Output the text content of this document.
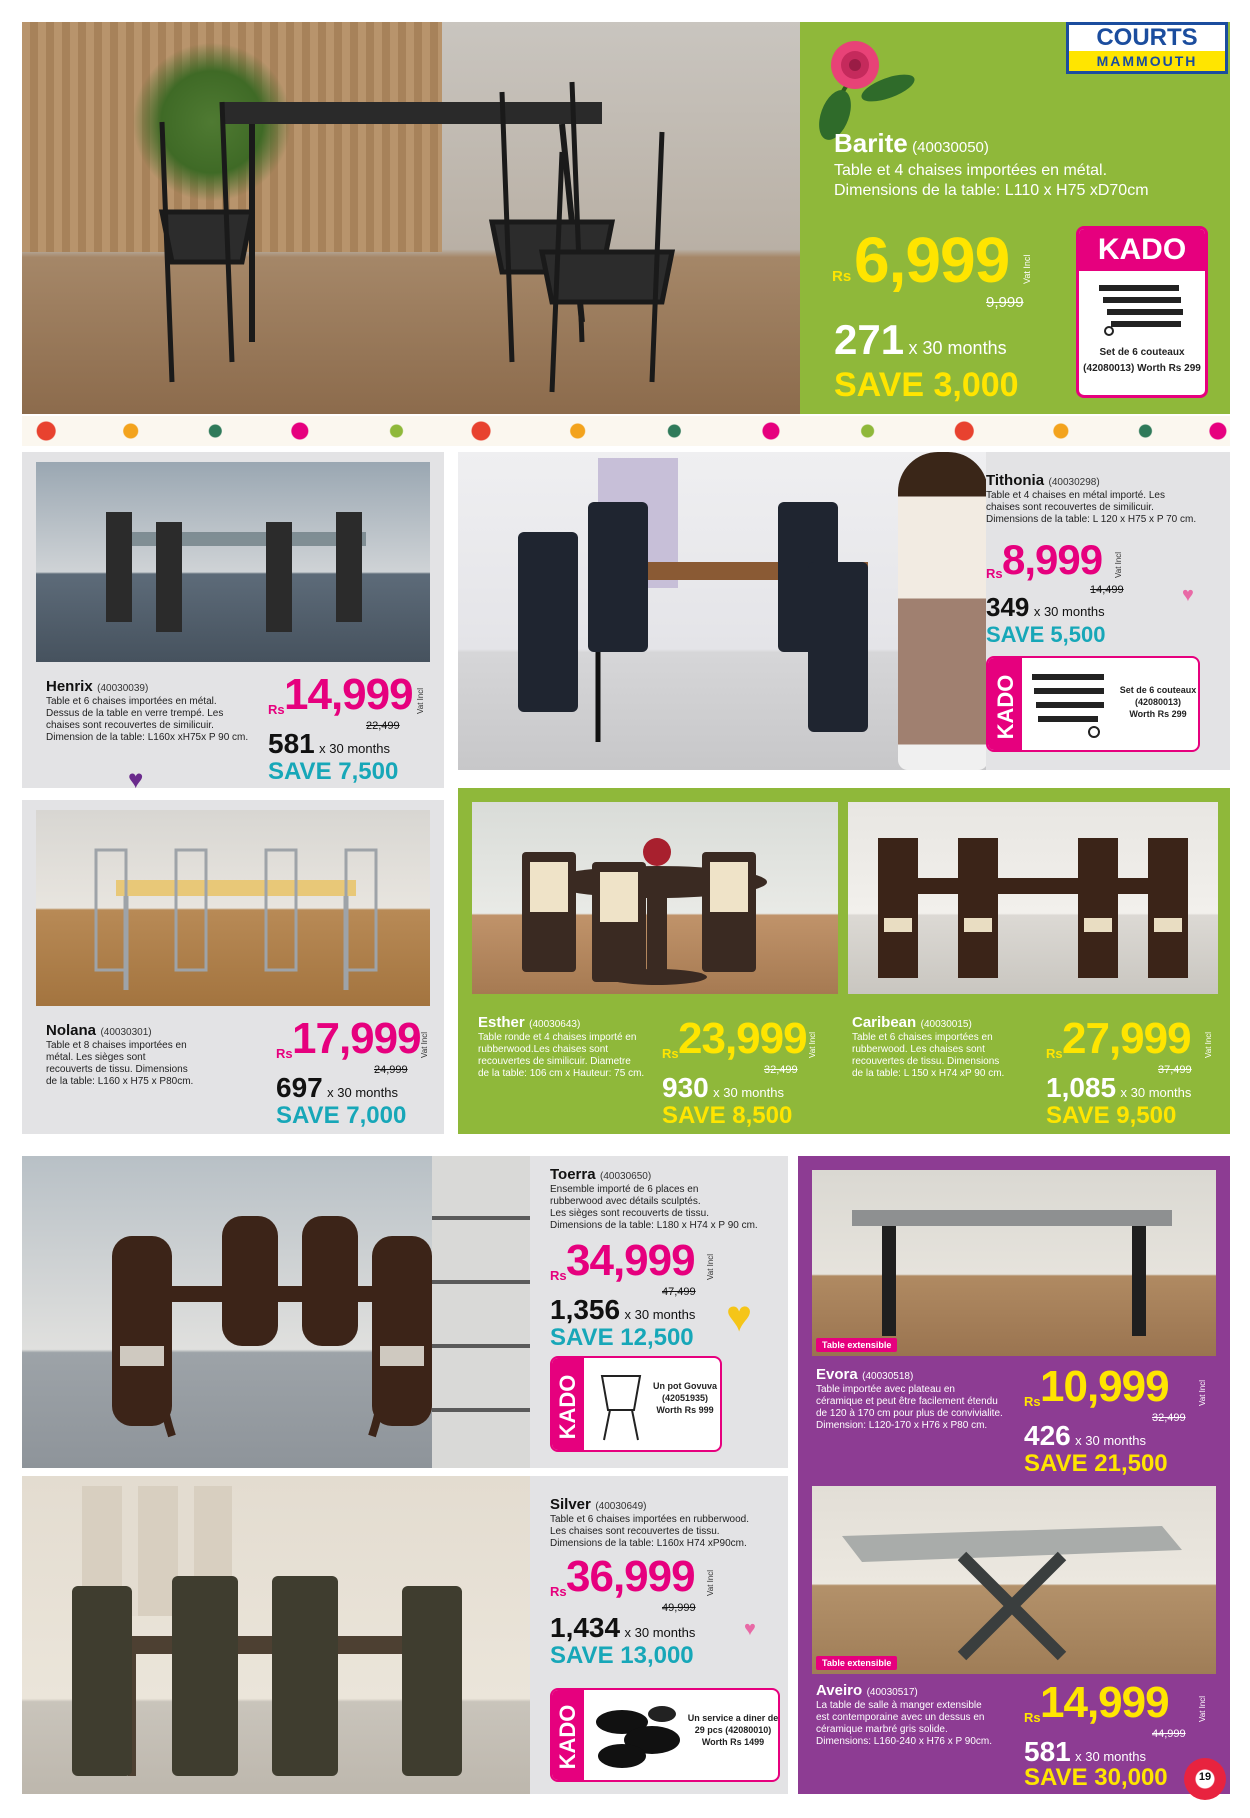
COURTS
MAMMOUTH
Barite (40030050)
Table et 4 chaises importées en métal.
Dimensions de la table: L110 x H75 xD70cm
Rs 6,999 Vat Incl
9,999
271 x 30 months
SAVE 3,000
KADO
Set de 6 couteaux
(42080013) Worth Rs 299
Henrix (40030039)
Table et 6 chaises importées en métal.
Dessus de la table en verre trempé. Les
chaises sont recouvertes de similicuir.
Dimension de la table: L160x xH75x P 90 cm.
Rs 14,999 Vat Incl
22,499
581 x 30 months
SAVE 7,500
♥
Tithonia (40030298)
Table et 4 chaises en métal importé. Les
chaises sont recouvertes de similicuir.
Dimensions de la table: L 120 x H75 x P 70 cm.
Rs 8,999 Vat Incl
14,499
349 x 30 months
SAVE 5,500
♥
KADO	Set de 6 couteaux
(42080013)
Worth Rs 299
Nolana (40030301)
Table et 8 chaises importées en
métal. Les sièges sont
recouverts de tissu. Dimensions
de la table: L160 x H75 x P80cm.
Rs 17,999 Vat Incl
24,999
697 x 30 months
SAVE 7,000
Esther (40030643)
Table ronde et 4 chaises importé en
rubberwood.Les chaises sont
recouvertes de similicuir. Diametre
de la table: 106 cm x Hauteur: 75 cm.
Rs 23,999 Vat Incl
32,499
930 x 30 months
SAVE 8,500
Caribean (40030015)
Table et 6 chaises importées en
rubberwood. Les chaises sont
recouvertes de tissu. Dimensions
de la table: L 150 x H74 xP 90 cm.
Rs 27,999 Vat Incl
37,499
1,085 x 30 months
SAVE 9,500
Toerra (40030650)
Ensemble importé de 6 places en
rubberwood avec détails sculptés.
Les sièges sont recouverts de tissu.
Dimensions de la table: L180 x H74 x P 90 cm.
Rs 34,999 Vat Incl
47,499
1,356 x 30 months
SAVE 12,500 ♥
KADO	Un pot Govuva
(42051935)
Worth Rs 999
Silver (40030649)
Table et 6 chaises importées en rubberwood.
Les chaises sont recouvertes de tissu.
Dimensions de la table: L160x H74 xP90cm.
Rs 36,999 Vat Incl
49,999
1,434 x 30 months
SAVE 13,000
♥
KADO	Un service a diner de
29 pcs (42080010)
Worth Rs 1499
Table extensible
Evora (40030518)
Table importée avec plateau en
céramique et peut être facilement étendu
de 120 à 170 cm pour plus de convivialite.
Dimension: L120-170 x H76 x P80 cm.
Rs 10,999	Vat Incl
32,499
426 x 30 months
SAVE 21,500
Table extensible
Aveiro (40030517)
La table de salle à manger extensible
est contemporaine avec un dessus en
céramique marbré gris solide.
Dimensions: L160-240 x H76 x P 90cm.
Rs 14,999	Vat Incl
44,999
581 x 30 months
SAVE 30,000	19
